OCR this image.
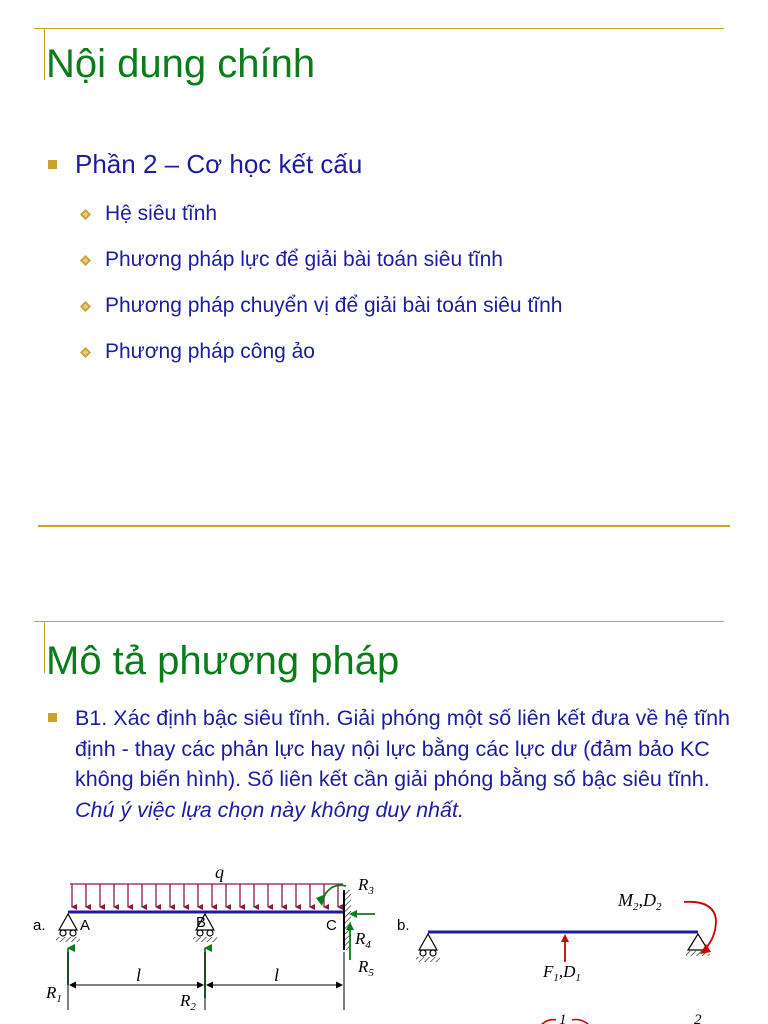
Nội dung chính
Phần 2 – Cơ học kết cấu
Hệ siêu tĩnh
Phương pháp lực để giải bài toán siêu tĩnh
Phương pháp chuyển vị để giải bài toán siêu tĩnh
Phương pháp công ảo
Mô tả phương pháp
B1. Xác định bậc siêu tĩnh. Giải phóng một số liên kết đưa về hệ tĩnh định - thay các phản lực hay nội lực bằng các lực dư (đảm bảo KC không biến hình). Số liên kết cần giải phóng bằng số bậc siêu tĩnh. Chú ý việc lựa chọn này không duy nhất.
a.
q
A	B	C
$R_1$	$R_2$
l	l
$R_3$
$R_4$
$R_5$
b.
$F_1,D_1$
$M_2,D_2$
1	2
